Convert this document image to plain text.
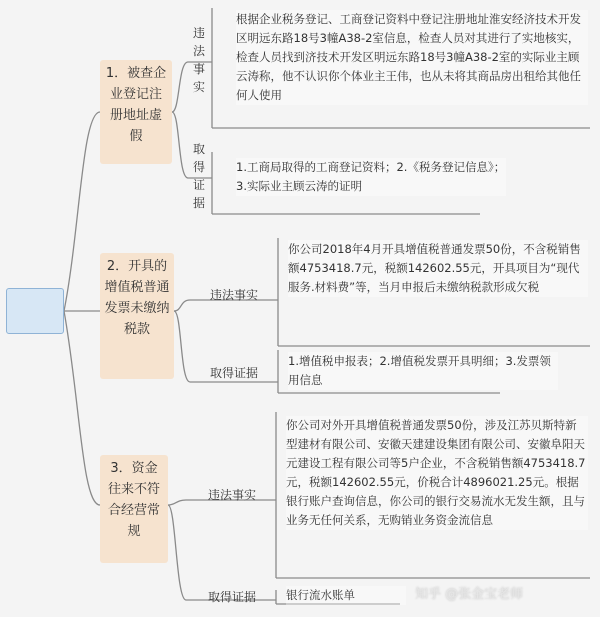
1．被查企业登记注册地址虚假
违法事实
根据企业税务登记、工商登记资料中登记注册地址淮安经济技术开发区明远东路18号3幢A38-2室信息，检查人员对其进行了实地核实，检查人员找到济技术开发区明远东路18号3幢A38-2室的实际业主顾云涛称，他不认识你个体业主王伟，也从未将其商品房出租给其他任何人使用
取得证据
1.工商局取得的工商登记资料；2.《税务登记信息》；3.实际业主顾云涛的证明
2．开具的增值税普通发票未缴纳税款
违法事实
你公司2018年4月开具增值税普通发票50份，不含税销售额4753418.7元，税额142602.55元，开具项目为“现代服务.材料费”等，当月申报后未缴纳税款形成欠税
取得证据
1.增值税申报表；2.增值税发票开具明细；3.发票领用信息
3．资金往来不符合经营常规
违法事实
你公司对外开具增值税普通发票50份，涉及江苏贝斯特新型建材有限公司、安徽天建建设集团有限公司、安徽阜阳天元建设工程有限公司等5户企业，不含税销售额4753418.7元，税额142602.55元，价税合计4896021.25元。根据银行账户查询信息，你公司的银行交易流水无发生额，且与业务无任何关系，无购销业务资金流信息
取得证据	银行流水账单	知乎 @张金宝老师
